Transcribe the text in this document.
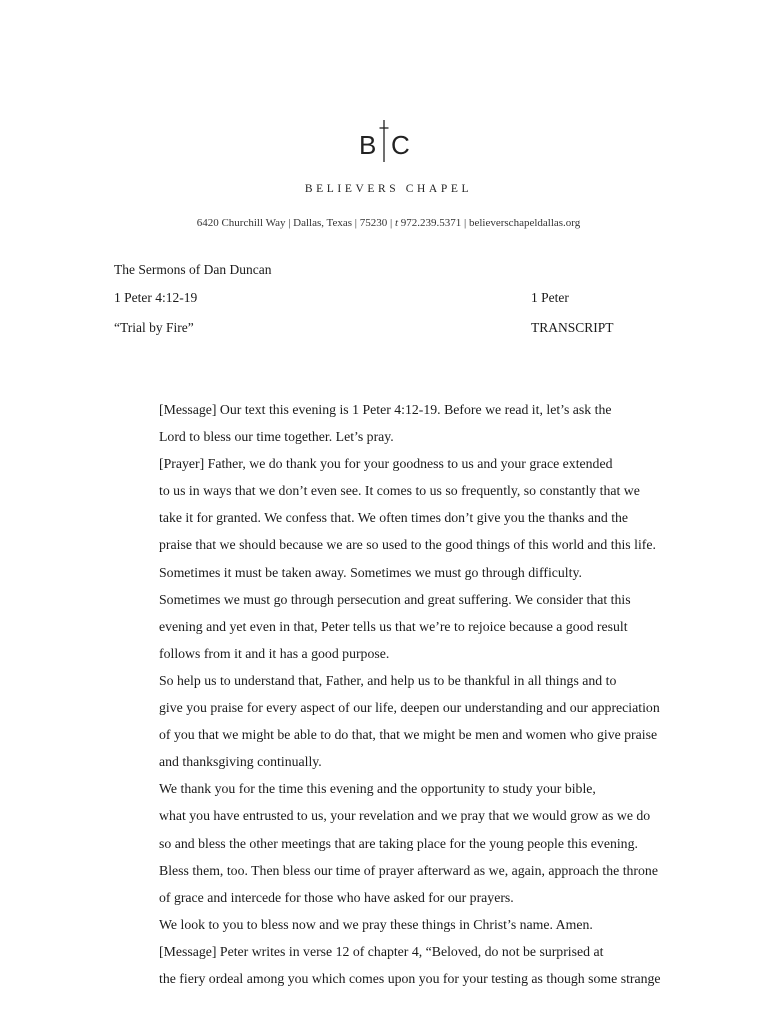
B C
BELIEVERS CHAPEL
6420 Churchill Way | Dallas, Texas | 75230 | t 972.239.5371 | believerschapeldallas.org
The Sermons of Dan Duncan
1 Peter 4:12-19	1 Peter
“Trial by Fire”	TRANSCRIPT

[Message] Our text this evening is 1 Peter 4:12-19. Before we read it, let’s ask the
Lord to bless our time together. Let’s pray.

[Prayer] Father, we do thank you for your goodness to us and your grace extended
to us in ways that we don’t even see. It comes to us so frequently, so constantly that we
take it for granted. We confess that. We often times don’t give you the thanks and the
praise that we should because we are so used to the good things of this world and this life.

Sometimes it must be taken away. Sometimes we must go through difficulty.
Sometimes we must go through persecution and great suffering. We consider that this
evening and yet even in that, Peter tells us that we’re to rejoice because a good result
follows from it and it has a good purpose.

So help us to understand that, Father, and help us to be thankful in all things and to
give you praise for every aspect of our life, deepen our understanding and our appreciation
of you that we might be able to do that, that we might be men and women who give praise
and thanksgiving continually.

We thank you for the time this evening and the opportunity to study your bible,
what you have entrusted to us, your revelation and we pray that we would grow as we do
so and bless the other meetings that are taking place for the young people this evening.
Bless them, too. Then bless our time of prayer afterward as we, again, approach the throne
of grace and intercede for those who have asked for our prayers.

We look to you to bless now and we pray these things in Christ’s name. Amen.

[Message] Peter writes in verse 12 of chapter 4, “Beloved, do not be surprised at
the fiery ordeal among you which comes upon you for your testing as though some strange
